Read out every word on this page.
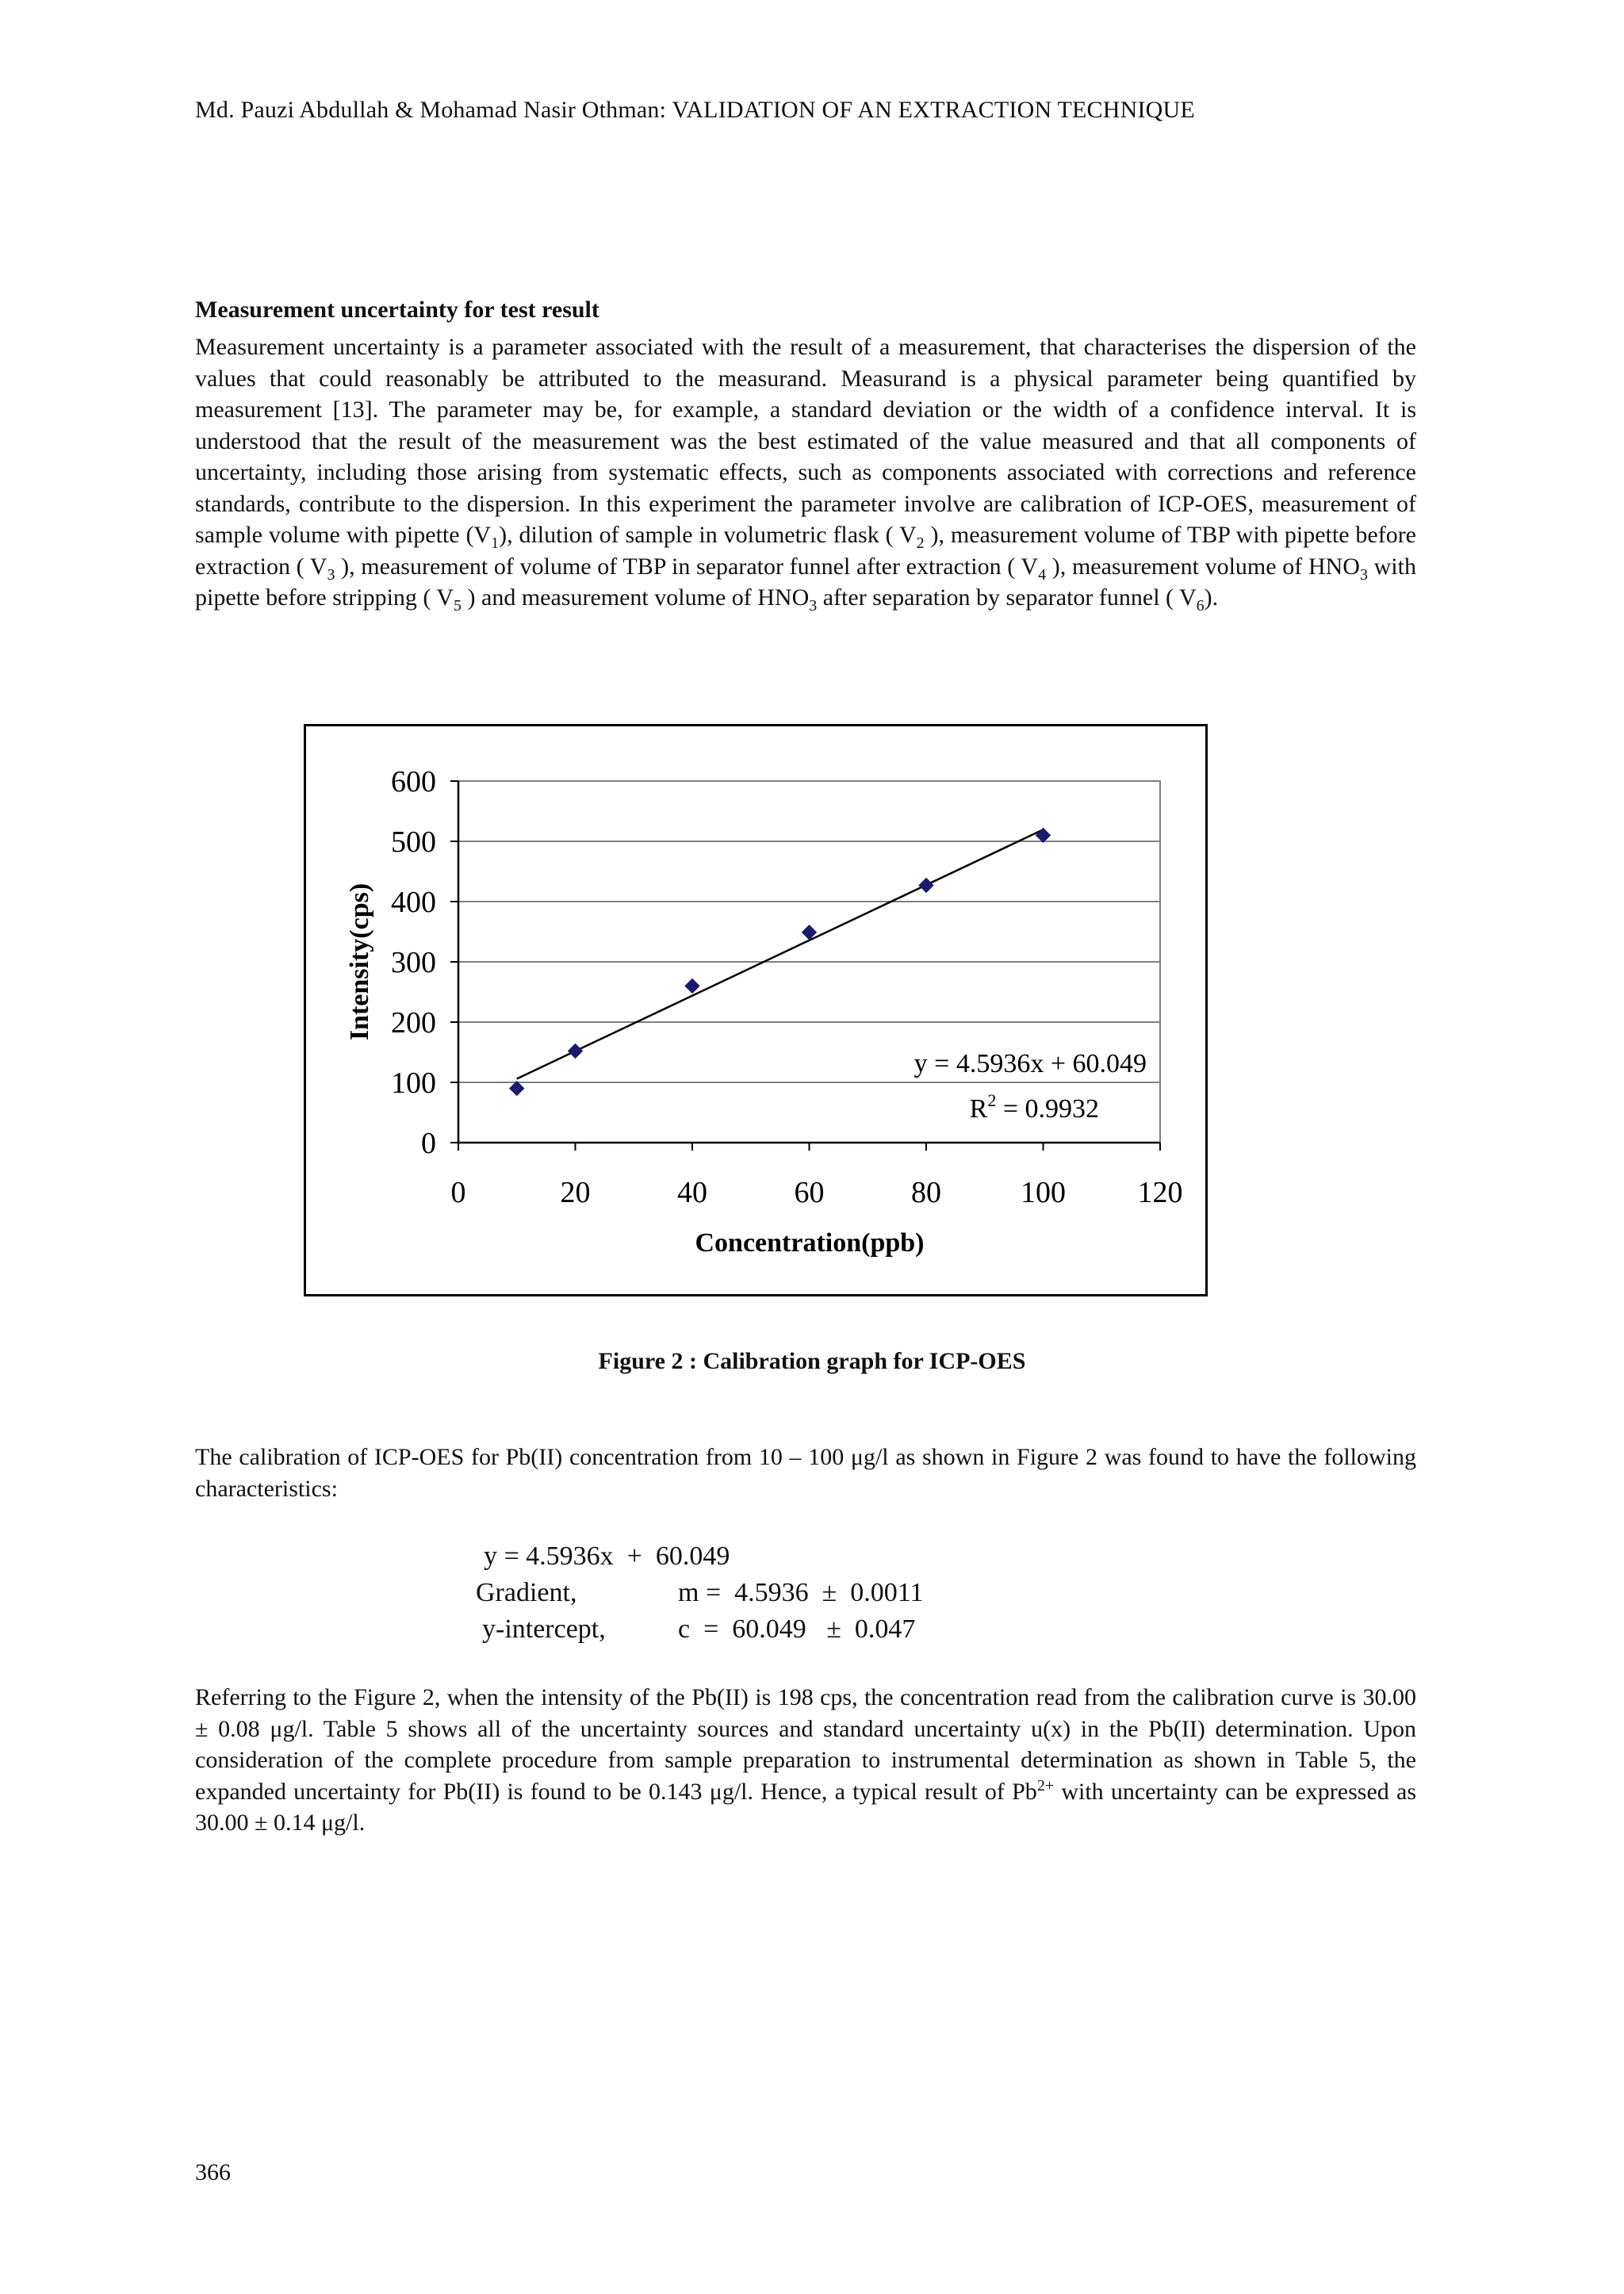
Md. Pauzi Abdullah & Mohamad Nasir Othman: VALIDATION OF AN EXTRACTION TECHNIQUE
Measurement uncertainty for test result
Measurement uncertainty is a parameter associated with the result of a measurement, that characterises the dispersion of the values that could reasonably be attributed to the measurand. Measurand is a physical parameter being quantified by measurement [13]. The parameter may be, for example, a standard deviation or the width of a confidence interval. It is understood that the result of the measurement was the best estimated of the value measured and that all components of uncertainty, including those arising from systematic effects, such as components associated with corrections and reference standards, contribute to the dispersion. In this experiment the parameter involve are calibration of ICP-OES, measurement of sample volume with pipette $(V_1)$, dilution of sample in volumetric flask ( $V_2$ ), measurement volume of TBP with pipette before extraction ( $V_3$ ), measurement of volume of TBP in separator funnel after extraction ( $V_4$ ), measurement volume of $HNO_3$ with pipette before stripping ( $V_5$ ) and measurement volume of $HNO_3$ after separation by separator funnel ( $V_6$).
0
100
200
300
400
500
600
0	20	40	60	80	100 120
y = 4.5936x + 60.049
$R^2 = 0.9932$
Concentration(ppb)
Intensity(cps)
Figure 2 : Calibration graph for ICP-OES
The calibration of ICP-OES for Pb(II) concentration from 10 – 100 μg/l as shown in Figure 2 was found to have the following characteristics:
y = 4.5936x  +  60.049
Gradient,	m =  4.5936  ±  0.0011
y-intercept,	c  =  60.049   ±  0.047
Referring to the Figure 2, when the intensity of the Pb(II) is 198 cps, the concentration read from the calibration curve is 30.00 ± 0.08 μg/l. Table 5 shows all of the uncertainty sources and standard uncertainty u(x) in the Pb(II) determination. Upon consideration of the complete procedure from sample preparation to instrumental determination as shown in Table 5, the expanded uncertainty for Pb(II) is found to be 0.143 μg/l. Hence, a typical result of $Pb^{2+}$ with uncertainty can be expressed as 30.00 ± 0.14 μg/l.
366
